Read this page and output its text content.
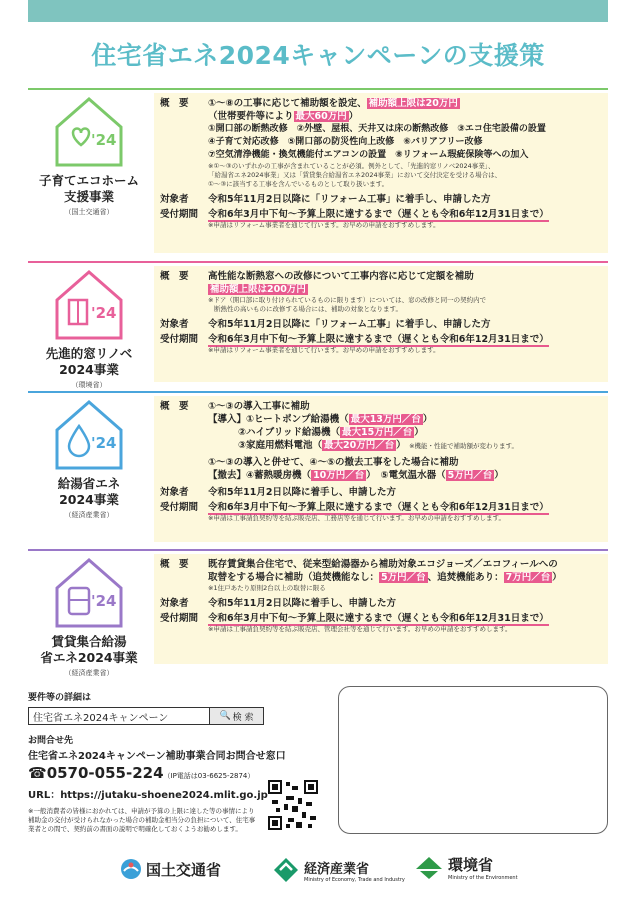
住宅省エネ2024キャンペーンの支援策
'24
子育てエコホーム
支援事業
（国土交通省）
概　要	①～⑧の工事に応じて補助額を設定、 補助額上限は20万円
（世帯要件等により 最大60万円 ）
①開口部の断熱改修　②外壁、屋根、天井又は床の断熱改修　③エコ住宅設備の設置
④子育て対応改修　⑤開口部の防災性向上改修　⑥バリアフリー改修
⑦空気清浄機能・換気機能付エアコンの設置　⑧リフォーム瑕疵保険等への加入
※①～③のいずれかの工事が含まれていることが必須。例外として、「先進的窓リノベ2024事業」、
「給湯省エネ2024事業」又は「賃貸集合給湯省エネ2024事業」において交付決定を受ける場合は、
①～③に該当する工事を含んでいるものとして取り扱います。
対象者	令和5年11月2日以降に「リフォーム工事」に着手し、申請した方
受付期間	令和6年3月中下旬～予算上限に達するまで（遅くとも令和6年12月31日まで）
※申請はリフォーム事業者を通じて行います。お早めの申請をおすすめします。
'24
先進的窓リノベ
2024事業
（環境省）
概　要	高性能な断熱窓への改修について工事内容に応じて定額を補助
補助額上限は200万円
※ドア（開口部に取り付けられているものに限ります）については、窓の改修と同一の契約内で
断熱性の高いものに改修する場合には、補助の対象となります。
対象者	令和5年11月2日以降に「リフォーム工事」に着手し、申請した方
受付期間	令和6年3月中下旬～予算上限に達するまで（遅くとも令和6年12月31日まで）
※申請はリフォーム事業者を通じて行います。お早めの申請をおすすめします。
'24
給湯省エネ
2024事業
（経済産業省）
概　要	①～③の導入工事に補助
【導入】①ヒートポンプ給湯機（ 最大13万円／台 ）
②ハイブリッド給湯機（ 最大15万円／台 ）
③家庭用燃料電池（ 最大20万円／台 ） ※機能・性能で補助額が変わります。
①～③の導入と併せて、④～⑤の撤去工事をした場合に補助
【撤去】④蓄熱暖房機（ 10万円／台 ）　⑤電気温水器（ 5万円／台 ）
対象者	令和5年11月2日以降に着手し、申請した方
受付期間	令和6年3月中下旬～予算上限に達するまで（遅くとも令和6年12月31日まで）
※申請は工事請負契約等を結ぶ販売店、工務店等を通じて行います。お早めの申請をおすすめします。
'24
賃貸集合給湯
省エネ2024事業
（経済産業省）
概　要	既存賃貸集合住宅で、従来型給湯器から補助対象エコジョーズ／エコフィールへの
取替をする場合に補助（追焚機能なし： 5万円／台 、追焚機能あり： 7万円／台 ）
※1住戸あたり原則2台以上の取替に限る
対象者	令和5年11月2日以降に着手し、申請した方
受付期間	令和6年3月中下旬～予算上限に達するまで（遅くとも令和6年12月31日まで）
※申請は工事請負契約等を結ぶ販売店、管理会社等を通じて行います。お早めの申請をおすすめします。
要件等の詳細は
住宅省エネ2024キャンペーン	🔍 検 索
お問合せ先
住宅省エネ2024キャンペーン補助事業合同お問合せ窓口
☎0570-055-224（IP電話は03-6625-2874）
URL：https://jutaku-shoene2024.mlit.go.jp
※一般消費者の皆様におかれては、申請が予算の上限に達した等の事情により補助金の交付が受けられなかった場合の補助金相当分の負担について、住宅事業者との間で、契約前の書面の説明で明確化しておくようお勧めします。
国土交通省	経済産業省
Ministry of Economy, Trade and Industry
環境省
Ministry of the Environment
